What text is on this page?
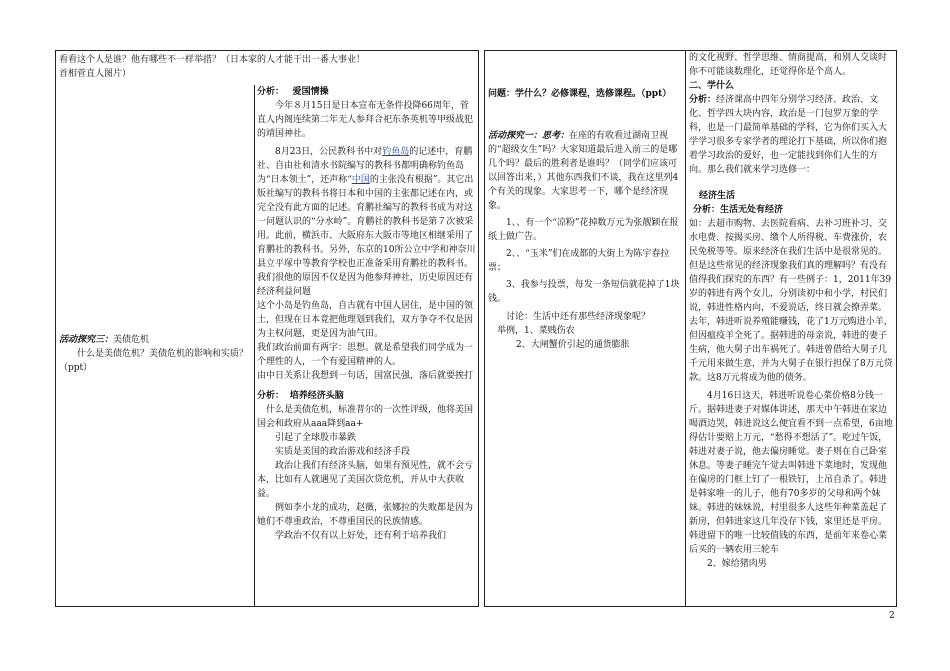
看看这个人是谁？他有哪些不一样举措？（日本家的人才能干出一番大事业！

首相菅直人图片）

活动探究三：美债危机

什么是美债危机？美债危机的影响和实质？（ppt）

分析： 爱国情操

今年８月15日是日本宣布无条件投降66周年，菅直人内阁连续第二年无人参拜合祀东条英机等甲级战犯的靖国神社。

8月23日，公民教科书中对钓鱼岛的记述中，育鹏社、自由社和清水书院编写的教科书都明确称钓鱼岛为“日本领土”，还声称“中国的主张没有根据”。其它出版社编写的教科书将日本和中国的主张都记述在内，或完全没有此方面的记述。育鹏社编写的教科书成为对这一问题认识的“分水岭”。育鹏社的教科书是第７次被采用。此前，横浜市、大阪府东大阪市等地区相继采用了育鹏社的教科书。另外，东京的10所公立中学和神奈川县立平塚中等教育学校也正准备采用育鹏社的教科书。

我们很他的原因不仅是因为他参拜神社，历史原因还有经济利益问题

这个小岛是钓鱼岛，自古就有中国人居住，是中国的领土，但现在日本竟把他理划到我们，双方争夺不仅是因为主权问题，更是因为油气田。

我们政治前面有两字：思想。就是希望我们同学成为一个理性的人，一个有爱国精神的人。

由中日关系让我想到一句话，国富民强，落后就要挨打

分析： 培养经济头脑

什么是美债危机，标准普尔的一次性评级，他将美国国会和政府从aaa降到aa+

引起了全球股市暴跌

实质是美国的政治游戏和经济手段

政治让我们有经济头脑，如果有预见性，就不会亏本，比如有人就遇见了美国次贷危机，并从中大获收益。

例如李小龙的成功，赵薇，张娜拉的失败都是因为她们不尊重政治，不尊重国民的民族情感。

学政治不仅有以上好处，还有利于培养我们

问题：学什么？必修课程，选修课程。（ppt）

活动探究一：思考：在座的有收看过湖南卫视的“超级女生”吗？大家知道最后进入前三的是哪几个吗？最后的胜利者是谁吗？（同学们应该可以回答出来，）其他东西我们不谈，我在这里列4个有关的现象。大家思考一下，哪个是经济现象。

1、、有一个“凉粉”花掉数万元为张靓颖在报纸上做广告。

2、、“玉米”们在成都的大街上为陈宇春拉票；

3、我参与投票，每发一条短信就花掉了1块钱。

讨论：生活中还有那些经济现象呢？

举例，1、菜贱伤农

2、大闸蟹价引起的通货膨胀

的文化视野、哲学思维、情商提高，和别人交谈时你不可能谈数理化，还觉得你是个高人。

二、学什么

分析：经济课高中四年分别学习经济、政治、文化、哲学四大块内容，政治是一门包罗万象的学科，也是一门最简单基础的学科，它为你们买入大学学习很多专家学者的理论打下基础，所以你们抱着学习政治的爱好，也一定能找到你们人生的方向。那么我们就来学习选修一：

经济生活

分析：生活无处有经济

如：去超市购物、去医院看病、去补习班补习、交水电费、按揭买房、缴个人所得税、车费涨价，农民免税等等。原来经济在我们生活中是很常见的。但是这些常见的经济现象我们真的理解吗？有没有值得我们探究的东西？有一些例子：1，2011年39岁的韩进有两个女儿，分别读初中和小学，村民们说，韩进性格内向，不爱说话，终日就会撩弄菜。去年，韩进听说养殖能赚钱，花了1万元购进小羊，但因瘟疫羊全死了。据韩进的母亲说，韩进的妻子生病，他大舅子出车祸死了。韩进曾借给大舅子几千元用来做生意，并为大舅子在银行担保了8万元贷款。这8万元将成为他的债务。

4月16日这天，韩进听说卷心菜价格8分钱一斤。据韩进妻子对媒体讲述，那天中午韩进在家边喝酒边哭，韩进说这么便宜看不到一点希望，6亩地得估计要赔上万元，“愁得不想活了”。吃过午饭，韩进对妻子说，他去偏房睡觉。妻子则在自己卧室休息。等妻子睡完午觉去叫韩进下菜地时，发现他在偏房的门框上钉了一根铁钉，上吊自杀了。韩进是韩家唯一的儿子，他有70多岁的父母和两个妹妹。韩进的妹妹说，村里很多人这些年种菜盖起了新房，但韩进家这几年没存下钱，家里还是平房。韩进留下的唯一比较值钱的东西，是前年来卷心菜后买的一辆农用三轮车

2、嫁给猪肉男

2
